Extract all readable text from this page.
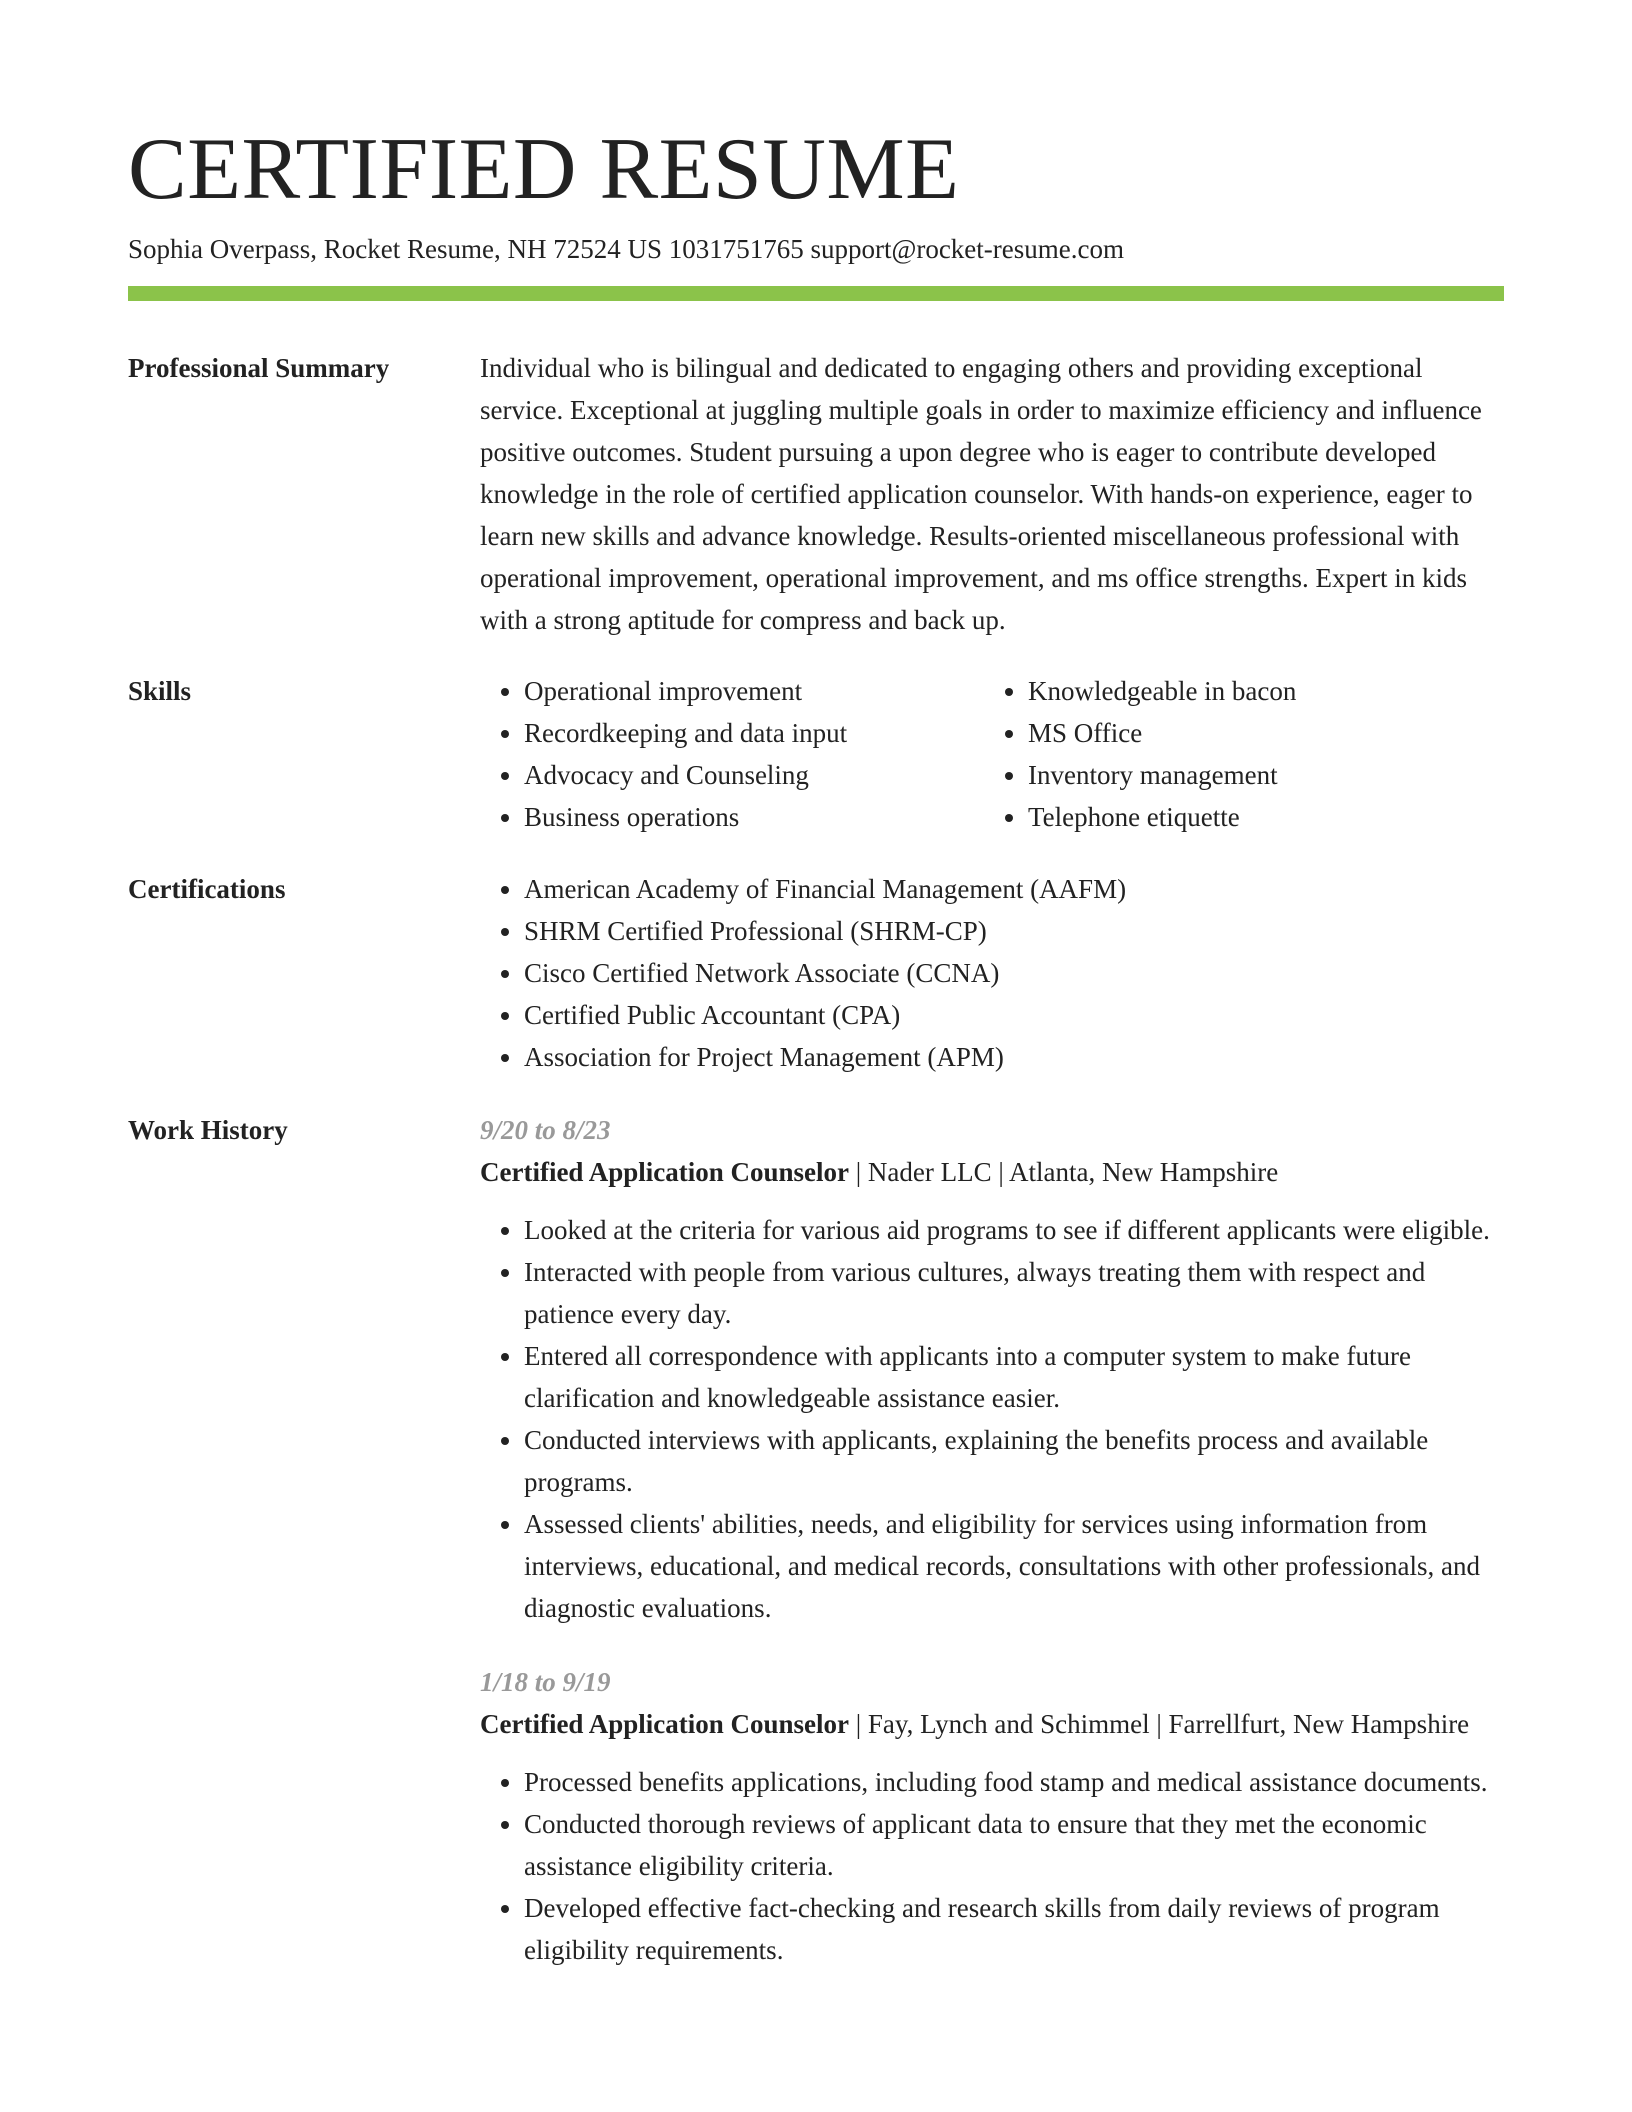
CERTIFIED RESUME
Sophia Overpass, Rocket Resume, NH 72524 US 1031751765 support@rocket-resume.com
Professional Summary	Individual who is bilingual and dedicated to engaging others and providing exceptional service. Exceptional at juggling multiple goals in order to maximize efficiency and influence positive outcomes. Student pursuing a upon degree who is eager to contribute developed knowledge in the role of certified application counselor. With hands-on experience, eager to learn new skills and advance knowledge. Results-oriented miscellaneous professional with operational improvement, operational improvement, and ms office strengths. Expert in kids with a strong aptitude for compress and back up.

Skills	• Operational improvement
• Recordkeeping and data input
• Advocacy and Counseling
• Business operations
• Knowledgeable in bacon
• MS Office
• Inventory management
• Telephone etiquette
Certifications	• American Academy of Financial Management (AAFM)
• SHRM Certified Professional (SHRM-CP)
• Cisco Certified Network Associate (CCNA)
• Certified Public Accountant (CPA)
• Association for Project Management (APM)
Work History	9/20 to 8/23
Certified Application Counselor | Nader LLC | Atlanta, New Hampshire
• Looked at the criteria for various aid programs to see if different applicants were eligible.
• Interacted with people from various cultures, always treating them with respect and patience every day.
• Entered all correspondence with applicants into a computer system to make future clarification and knowledgeable assistance easier.
• Conducted interviews with applicants, explaining the benefits process and available programs.
• Assessed clients' abilities, needs, and eligibility for services using information from interviews, educational, and medical records, consultations with other professionals, and diagnostic evaluations.
1/18 to 9/19
Certified Application Counselor | Fay, Lynch and Schimmel | Farrellfurt, New Hampshire
• Processed benefits applications, including food stamp and medical assistance documents.
• Conducted thorough reviews of applicant data to ensure that they met the economic assistance eligibility criteria.
• Developed effective fact-checking and research skills from daily reviews of program eligibility requirements.
